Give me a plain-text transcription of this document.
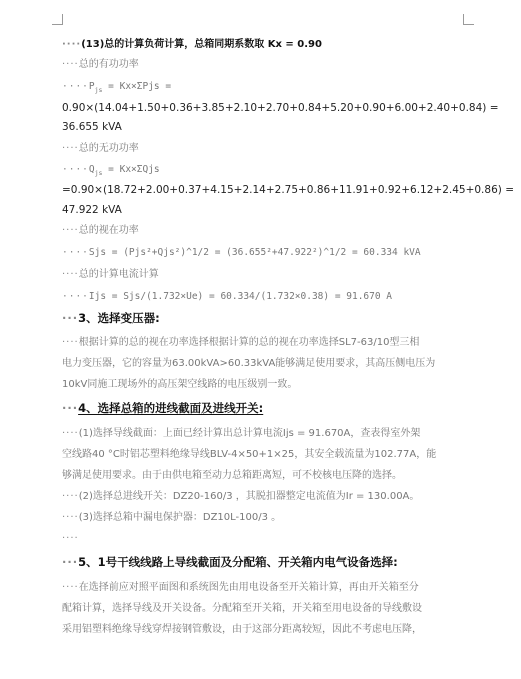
····(13)总的计算负荷计算，总箱同期系数取 Kx = 0.90
····总的有功功率
$\cdot\cdot\cdot\cdot P_{js} = Kx\times\Sigma Pjs$ =
0.90×(14.04+1.50+0.36+3.85+2.10+2.70+0.84+5.20+0.90+6.00+2.40+0.84) =
36.655 kVA
····总的无功功率
$\cdot\cdot\cdot\cdot Q_{js} = Kx\times\Sigma Qjs$
=0.90×(18.72+2.00+0.37+4.15+2.14+2.75+0.86+11.91+0.92+6.12+2.45+0.86) =
47.922 kVA
····总的视在功率
····Sjs = (Pjs²+Qjs²)^1/2 = (36.655²+47.922²)^1/2 = 60.334 kVA
····总的计算电流计算
····Ijs = Sjs/(1.732×Ue) = 60.334/(1.732×0.38) = 91.670 A
···3、选择变压器:
····根据计算的总的视在功率选择根据计算的总的视在功率选择SL7-63/10型三相
电力变压器，它的容量为63.00kVA>60.33kVA能够满足使用要求，其高压侧电压为
10kV同施工现场外的高压架空线路的电压级别一致。
···4、选择总箱的进线截面及进线开关:
····(1)选择导线截面：上面已经计算出总计算电流Ijs = 91.670A，查表得室外架
空线路40 °C时铝芯塑料绝缘导线BLV-4×50+1×25，其安全载流量为102.77A，能
够满足使用要求。由于由供电箱至动力总箱距离短，可不校核电压降的选择。
····(2)选择总进线开关：DZ20-160/3 ，其脱扣器整定电流值为Ir = 130.00A。
····(3)选择总箱中漏电保护器：DZ10L-100/3 。
····
···5、1号干线线路上导线截面及分配箱、开关箱内电气设备选择:
····在选择前应对照平面图和系统图先由用电设备至开关箱计算，再由开关箱至分
配箱计算，选择导线及开关设备。分配箱至开关箱，开关箱至用电设备的导线敷设
采用铝塑料绝缘导线穿焊接钢管敷设，由于这部分距离较短，因此不考虑电压降，
